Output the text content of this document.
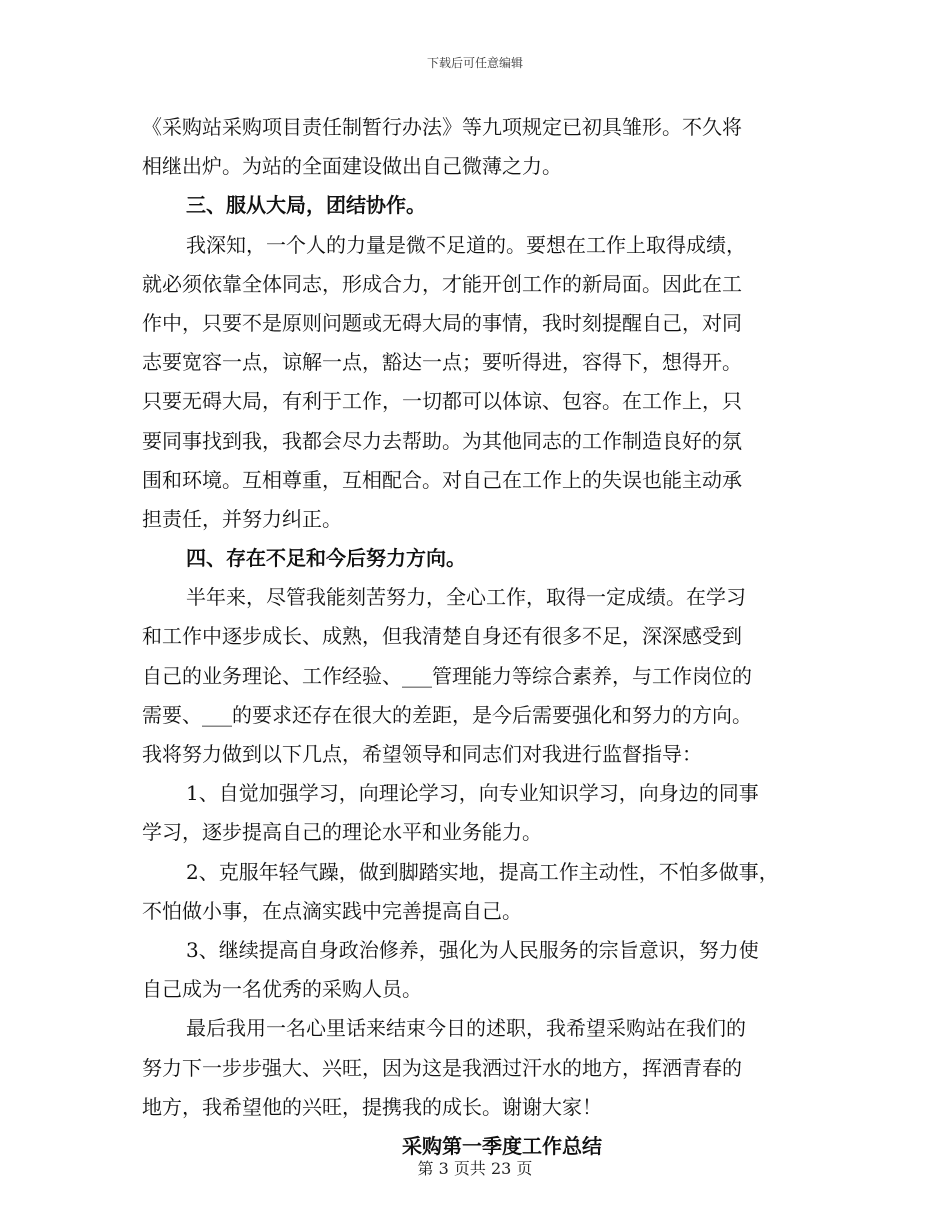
下载后可任意编辑
《采购站采购项目责任制暂行办法》等九项规定已初具雏形。不久将
相继出炉。为站的全面建设做出自己微薄之力。
三、服从大局，团结协作。
我深知，一个人的力量是微不足道的。要想在工作上取得成绩，
就必须依靠全体同志，形成合力，才能开创工作的新局面。因此在工
作中，只要不是原则问题或无碍大局的事情，我时刻提醒自己，对同
志要宽容一点，谅解一点，豁达一点；要听得进，容得下，想得开。
只要无碍大局，有利于工作，一切都可以体谅、包容。在工作上，只
要同事找到我，我都会尽力去帮助。为其他同志的工作制造良好的氛
围和环境。互相尊重，互相配合。对自己在工作上的失误也能主动承
担责任，并努力纠正。
四、存在不足和今后努力方向。
半年来，尽管我能刻苦努力，全心工作，取得一定成绩。在学习
和工作中逐步成长、成熟，但我清楚自身还有很多不足，深深感受到
自己的业务理论、工作经验、___管理能力等综合素养，与工作岗位的
需要、___的要求还存在很大的差距，是今后需要强化和努力的方向。
我将努力做到以下几点，希望领导和同志们对我进行监督指导：
1、自觉加强学习，向理论学习，向专业知识学习，向身边的同事
学习，逐步提高自己的理论水平和业务能力。
2、克服年轻气躁，做到脚踏实地，提高工作主动性，不怕多做事，
不怕做小事，在点滴实践中完善提高自己。
3、继续提高自身政治修养，强化为人民服务的宗旨意识，努力使
自己成为一名优秀的采购人员。
最后我用一名心里话来结束今日的述职，我希望采购站在我们的
努力下一步步强大、兴旺，因为这是我洒过汗水的地方，挥洒青春的
地方，我希望他的兴旺，提携我的成长。谢谢大家！
采购第一季度工作总结
第 3 页共 23 页
